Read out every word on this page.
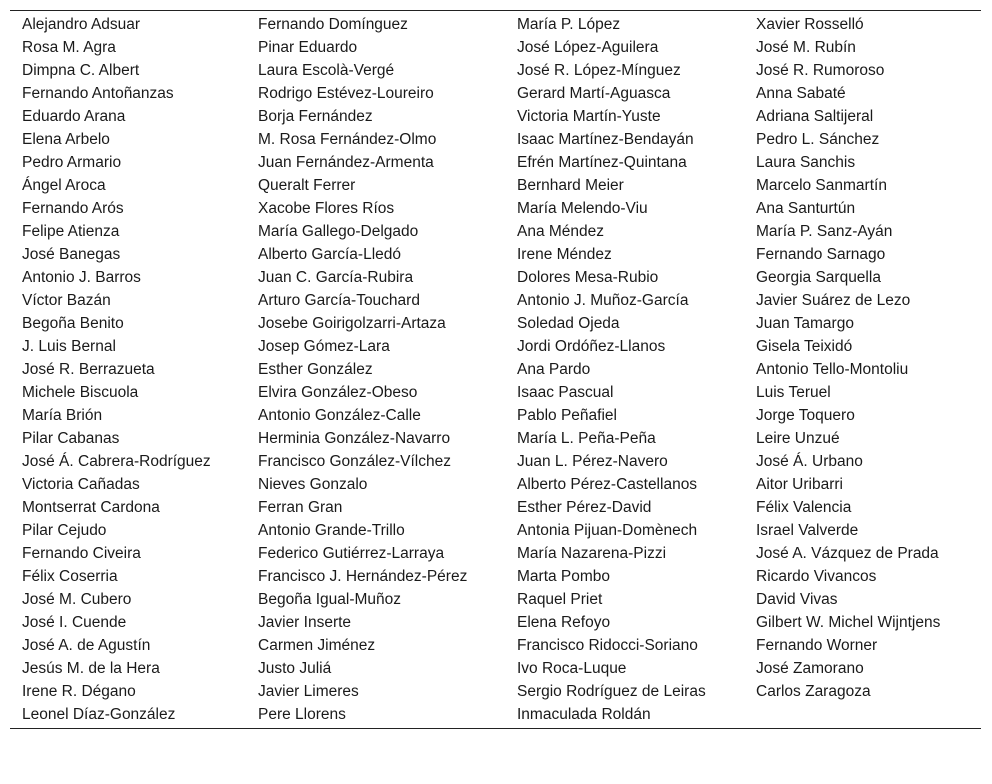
Alejandro Adsuar	Fernando Domínguez	María P. López	Xavier Rosselló
Rosa M. Agra	Pinar Eduardo	José López-Aguilera	José M. Rubín
Dimpna C. Albert	Laura Escolà-Vergé	José R. López-Mínguez	José R. Rumoroso
Fernando Antoñanzas	Rodrigo Estévez-Loureiro	Gerard Martí-Aguasca	Anna Sabaté
Eduardo Arana	Borja Fernández	Victoria Martín-Yuste	Adriana Saltijeral
Elena Arbelo	M. Rosa Fernández-Olmo	Isaac Martínez-Bendayán	Pedro L. Sánchez
Pedro Armario	Juan Fernández-Armenta	Efrén Martínez-Quintana	Laura Sanchis
Ángel Aroca	Queralt Ferrer	Bernhard Meier	Marcelo Sanmartín
Fernando Arós	Xacobe Flores Ríos	María Melendo-Viu	Ana Santurtún
Felipe Atienza	María Gallego-Delgado	Ana Méndez	María P. Sanz-Ayán
José Banegas	Alberto García-Lledó	Irene Méndez	Fernando Sarnago
Antonio J. Barros	Juan C. García-Rubira	Dolores Mesa-Rubio	Georgia Sarquella
Víctor Bazán	Arturo García-Touchard	Antonio J. Muñoz-García	Javier Suárez de Lezo
Begoña Benito	Josebe Goirigolzarri-Artaza	Soledad Ojeda	Juan Tamargo
J. Luis Bernal	Josep Gómez-Lara	Jordi Ordóñez-Llanos	Gisela Teixidó
José R. Berrazueta	Esther González	Ana Pardo	Antonio Tello-Montoliu
Michele Biscuola	Elvira González-Obeso	Isaac Pascual	Luis Teruel
María Brión	Antonio González-Calle	Pablo Peñafiel	Jorge Toquero
Pilar Cabanas	Herminia González-Navarro	María L. Peña-Peña	Leire Unzué
José Á. Cabrera-Rodríguez	Francisco González-Vílchez	Juan L. Pérez-Navero	José Á. Urbano
Victoria Cañadas	Nieves Gonzalo	Alberto Pérez-Castellanos	Aitor Uribarri
Montserrat Cardona	Ferran Gran	Esther Pérez-David	Félix Valencia
Pilar Cejudo	Antonio Grande-Trillo	Antonia Pijuan-Domènech	Israel Valverde
Fernando Civeira	Federico Gutiérrez-Larraya	María Nazarena-Pizzi	José A. Vázquez de Prada
Félix Coserria	Francisco J. Hernández-Pérez	Marta Pombo	Ricardo Vivancos
José M. Cubero	Begoña Igual-Muñoz	Raquel Priet	David Vivas
José I. Cuende	Javier Inserte	Elena Refoyo	Gilbert W. Michel Wijntjens
José A. de Agustín	Carmen Jiménez	Francisco Ridocci-Soriano	Fernando Worner
Jesús M. de la Hera	Justo Juliá	Ivo Roca-Luque	José Zamorano
Irene R. Dégano	Javier Limeres	Sergio Rodríguez de Leiras	Carlos Zaragoza
Leonel Díaz-González	Pere Llorens	Inmaculada Roldán	
